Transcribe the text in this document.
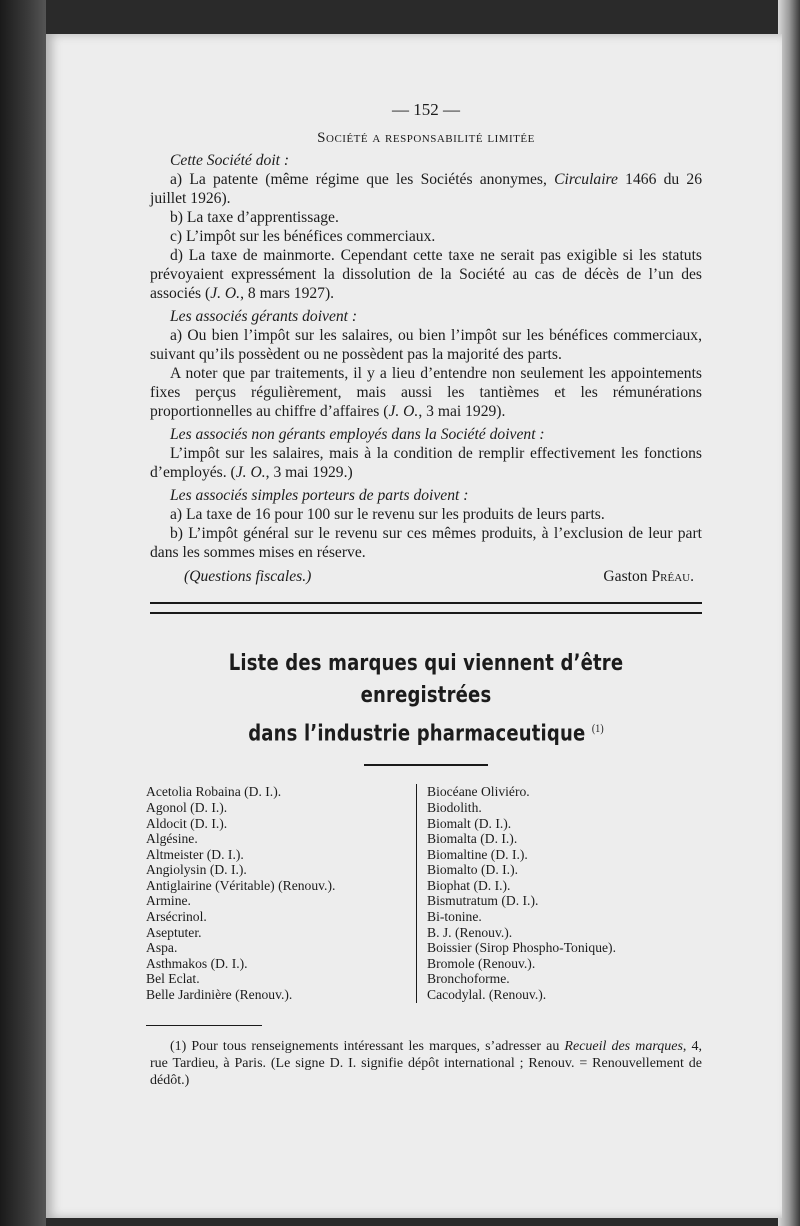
— 152 —
Société a responsabilité limitée

Cette Société doit :

a) La patente (même régime que les Sociétés anonymes, Circulaire 1466 du 26 juillet 1926).

b) La taxe d’apprentissage.

c) L’impôt sur les bénéfices commerciaux.

d) La taxe de mainmorte. Cependant cette taxe ne serait pas exigible si les statuts prévoyaient expressément la dissolution de la Société au cas de décès de l’un des associés (J. O., 8 mars 1927).

Les associés gérants doivent :

a) Ou bien l’impôt sur les salaires, ou bien l’impôt sur les bénéfices commerciaux, suivant qu’ils possèdent ou ne possèdent pas la majorité des parts.

A noter que par traitements, il y a lieu d’entendre non seulement les appointements fixes perçus régulièrement, mais aussi les tantièmes et les rémunérations proportionnelles au chiffre d’affaires (J. O., 3 mai 1929).

Les associés non gérants employés dans la Société doivent :

L’impôt sur les salaires, mais à la condition de remplir effectivement les fonctions d’employés. (J. O., 3 mai 1929.)

Les associés simples porteurs de parts doivent :

a) La taxe de 16 pour 100 sur le revenu sur les produits de leurs parts.

b) L’impôt général sur le revenu sur ces mêmes produits, à l’exclusion de leur part dans les sommes mises en réserve.

(Questions fiscales.)	Gaston Préau.
Liste des marques qui viennent d’être enregistrées
dans l’industrie pharmaceutique $^{(1)}$
Acetolia Robaina (D. I.).
Agonol (D. I.).
Aldocit (D. I.).
Algésine.
Altmeister (D. I.).
Angiolysin (D. I.).
Antiglairine (Véritable) (Renouv.).
Armine.
Arsécrinol.
Aseptuter.
Aspa.
Asthmakos (D. I.).
Bel Eclat.
Belle Jardinière (Renouv.).
Biocéane Oliviéro.
Biodolith.
Biomalt (D. I.).
Biomalta (D. I.).
Biomaltine (D. I.).
Biomalto (D. I.).
Biophat (D. I.).
Bismutratum (D. I.).
Bi-tonine.
B. J. (Renouv.).
Boissier (Sirop Phospho-Tonique).
Bromole (Renouv.).
Bronchoforme.
Cacodylal. (Renouv.).

(1) Pour tous renseignements intéressant les marques, s’adresser au Recueil des marques, 4, rue Tardieu, à Paris. (Le signe D. I. signifie dépôt international ; Renouv. = Renouvellement de dédôt.)
